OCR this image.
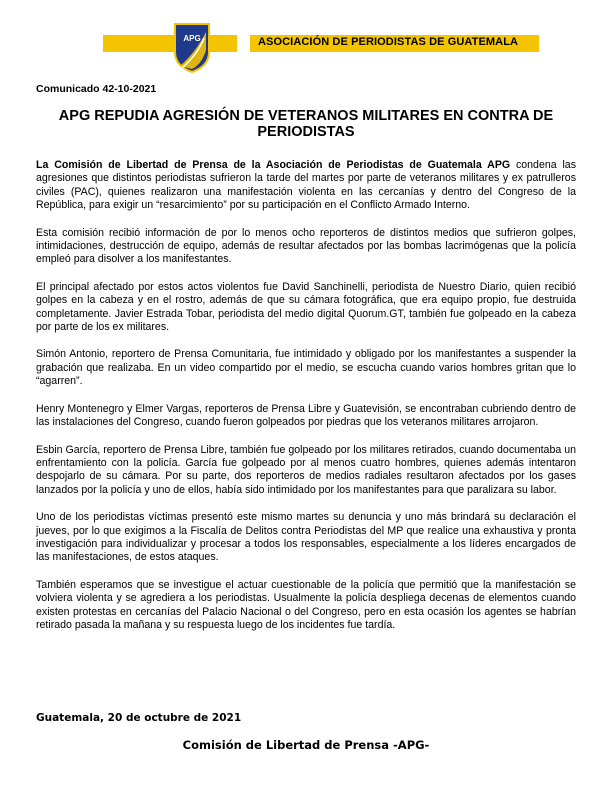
APG	ASOCIACIÓN DE PERIODISTAS DE GUATEMALA
Comunicado 42-10-2021
APG REPUDIA AGRESIÓN DE VETERANOS MILITARES EN CONTRA DE PERIODISTAS

La Comisión de Libertad de Prensa de la Asociación de Periodistas de Guatemala APG condena las agresiones que distintos periodistas sufrieron la tarde del martes por parte de veteranos militares y ex patrulleros civiles (PAC), quienes realizaron una manifestación violenta en las cercanías y dentro del Congreso de la República, para exigir un “resarcimiento” por su participación en el Conflicto Armado Interno.

Esta comisión recibió información de por lo menos ocho reporteros de distintos medios que sufrieron golpes, intimidaciones, destrucción de equipo, además de resultar afectados por las bombas lacrimógenas que la policía empleó para disolver a los manifestantes.

El principal afectado por estos actos violentos fue David Sanchinelli, periodista de Nuestro Diario, quien recibió golpes en la cabeza y en el rostro, además de que su cámara fotográfica, que era equipo propio, fue destruida completamente. Javier Estrada Tobar, periodista del medio digital Quorum.GT, también fue golpeado en la cabeza por parte de los ex militares.

Simón Antonio, reportero de Prensa Comunitaria, fue intimidado y obligado por los manifestantes a suspender la grabación que realizaba. En un video compartido por el medio, se escucha cuando varios hombres gritan que lo “agarren”.

Henry Montenegro y Elmer Vargas, reporteros de Prensa Libre y Guatevisión, se encontraban cubriendo dentro de las instalaciones del Congreso, cuando fueron golpeados por piedras que los veteranos militares arrojaron.

Esbin García, reportero de Prensa Libre, también fue golpeado por los militares retirados, cuando documentaba un enfrentamiento con la policía. García fue golpeado por al menos cuatro hombres, quienes además intentaron despojarlo de su cámara. Por su parte, dos reporteros de medios radiales resultaron afectados por los gases lanzados por la policía y uno de ellos, había sido intimidado por los manifestantes para que paralizara su labor.

Uno de los periodistas víctimas presentó este mismo martes su denuncia y uno más brindará su declaración el jueves, por lo que exigimos a la Fiscalía de Delitos contra Periodistas del MP que realice una exhaustiva y pronta investigación para individualizar y procesar a todos los responsables, especialmente a los líderes encargados de las manifestaciones, de estos ataques.

También esperamos que se investigue el actuar cuestionable de la policía que permitió que la manifestación se volviera violenta y se agrediera a los periodistas. Usualmente la policía despliega decenas de elementos cuando existen protestas en cercanías del Palacio Nacional o del Congreso, pero en esta ocasión los agentes se habrían retirado pasada la mañana y su respuesta luego de los incidentes fue tardía.

Guatemala, 20 de octubre de 2021
Comisión de Libertad de Prensa -APG-
